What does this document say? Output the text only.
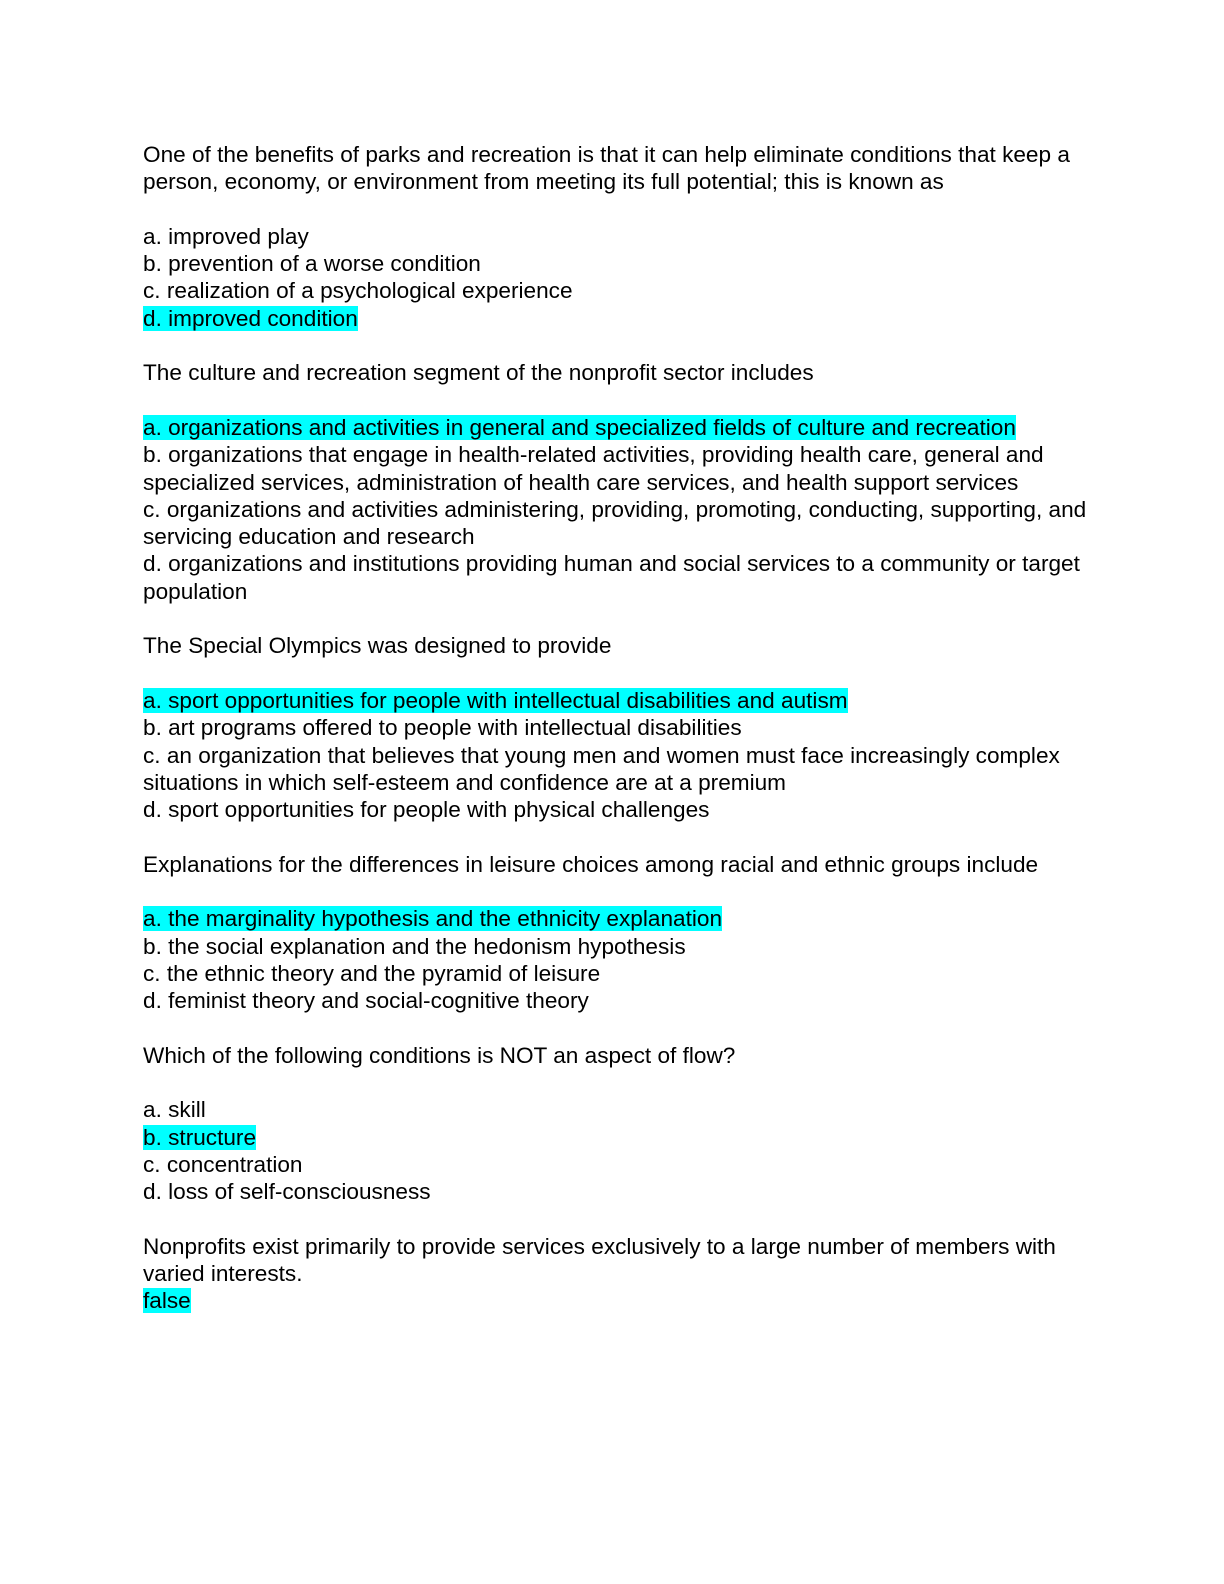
One of the benefits of parks and recreation is that it can help eliminate conditions that keep a person, economy, or environment from meeting its full potential; this is known as

a. improved play

b. prevention of a worse condition

c. realization of a psychological experience

d. improved condition

The culture and recreation segment of the nonprofit sector includes

a. organizations and activities in general and specialized fields of culture and recreation

b. organizations that engage in health-related activities, providing health care, general and specialized services, administration of health care services, and health support services

c. organizations and activities administering, providing, promoting, conducting, supporting, and servicing education and research

d. organizations and institutions providing human and social services to a community or target population

The Special Olympics was designed to provide

a. sport opportunities for people with intellectual disabilities and autism

b. art programs offered to people with intellectual disabilities

c. an organization that believes that young men and women must face increasingly complex situations in which self-esteem and confidence are at a premium

d. sport opportunities for people with physical challenges

Explanations for the differences in leisure choices among racial and ethnic groups include

a. the marginality hypothesis and the ethnicity explanation

b. the social explanation and the hedonism hypothesis

c. the ethnic theory and the pyramid of leisure

d. feminist theory and social-cognitive theory

Which of the following conditions is NOT an aspect of flow?

a. skill

b. structure

c. concentration

d. loss of self-consciousness

Nonprofits exist primarily to provide services exclusively to a large number of members with varied interests.

false
